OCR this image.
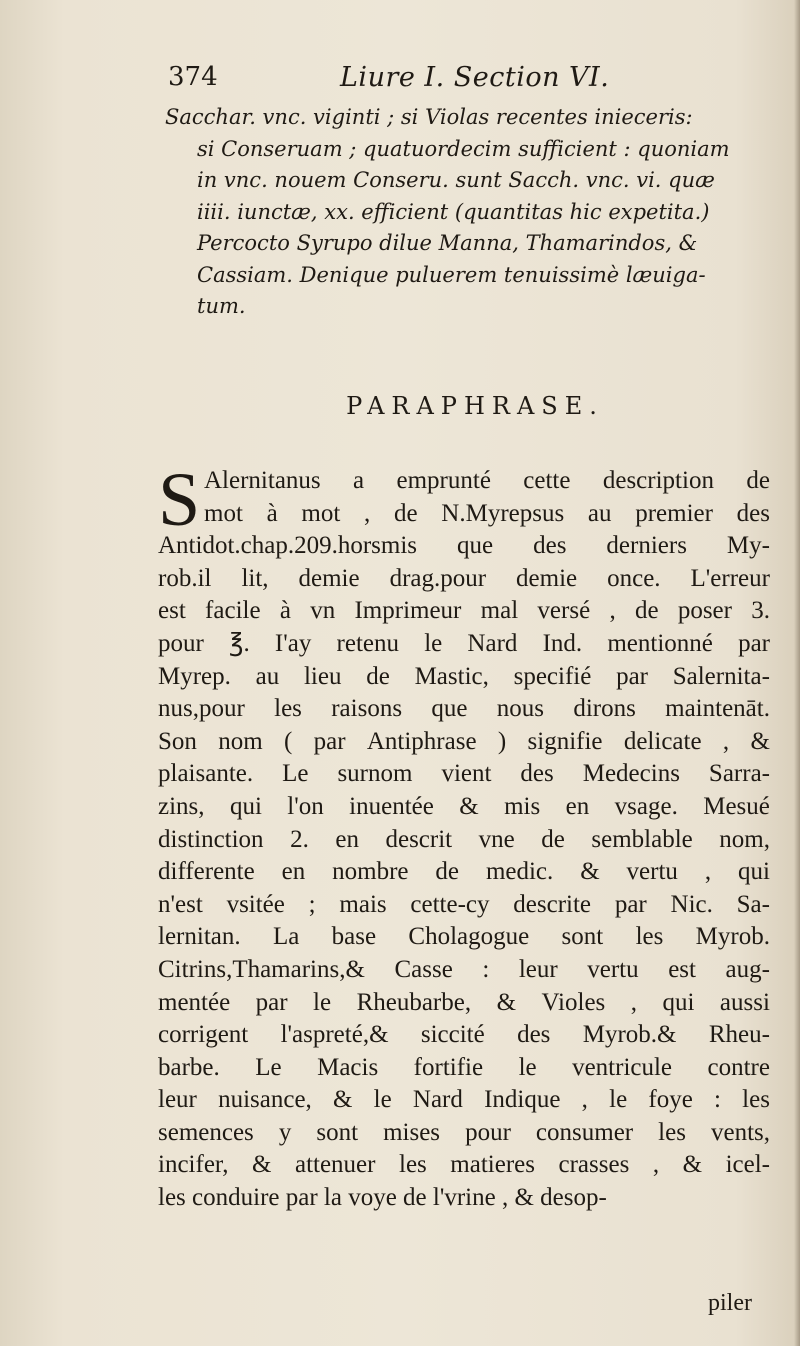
374	Liure I. Section VI.
Sacchar. vnc. viginti ; si Violas recentes inieceris:
si Conseruam ; quatuordecim sufficient : quoniam
in vnc. nouem Conseru. sunt Sacch. vnc. vi. quæ
iiii. iunctæ, xx. efficient (quantitas hic expetita.)
Percocto Syrupo dilue Manna, Thamarindos, &
Cassiam. Denique puluerem tenuissimè læuiga-
tum.
PARAPHRASE.
S Alernitanus a emprunté cette description de
mot à mot , de N.Myrepsus au premier des
Antidot.chap.209.horsmis que des derniers My-
rob.il lit, demie drag.pour demie once. L'erreur
est facile à vn Imprimeur mal versé , de poser 3.
pour ℥. I'ay retenu le Nard Ind. mentionné par
Myrep. au lieu de Mastic, specifié par Salernita-
nus,pour les raisons que nous dirons maintenāt.
Son nom ( par Antiphrase ) signifie delicate , &
plaisante. Le surnom vient des Medecins Sarra-
zins, qui l'on inuentée & mis en vsage. Mesué
distinction 2. en descrit vne de semblable nom,
differente en nombre de medic. & vertu , qui
n'est vsitée ; mais cette-cy descrite par Nic. Sa-
lernitan. La base Cholagogue sont les Myrob.
Citrins,Thamarins,& Casse : leur vertu est aug-
mentée par le Rheubarbe, & Violes , qui aussi
corrigent l'aspreté,& siccité des Myrob.& Rheu-
barbe. Le Macis fortifie le ventricule contre
leur nuisance, & le Nard Indique , le foye : les
semences y sont mises pour consumer les vents,
incifer, & attenuer les matieres crasses , & icel-
les conduire par la voye de l'vrine , & desop-
piler
